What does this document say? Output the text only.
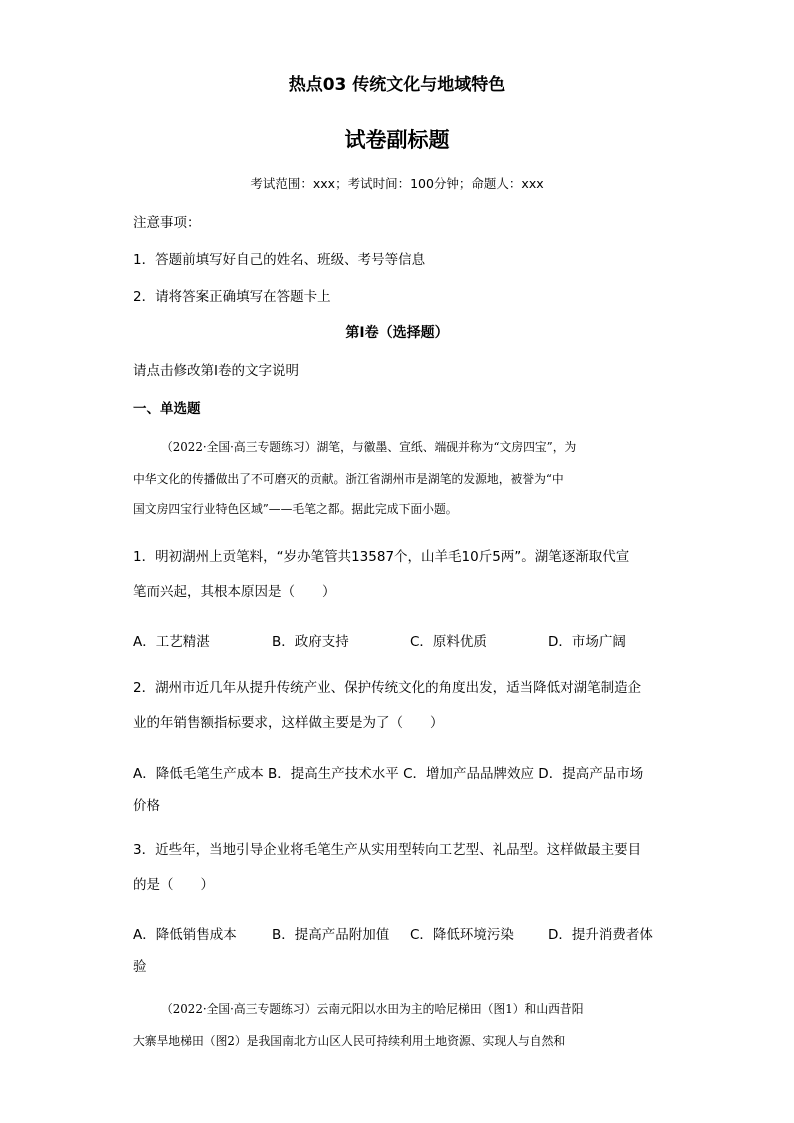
热点03 传统文化与地域特色
试卷副标题
考试范围：xxx；考试时间：100分钟；命题人：xxx
注意事项：
1．答题前填写好自己的姓名、班级、考号等信息
2．请将答案正确填写在答题卡上
第I卷（选择题）
请点击修改第I卷的文字说明
一、单选题
（2022·全国·高三专题练习）湖笔，与徽墨、宣纸、端砚并称为“文房四宝”，为
中华文化的传播做出了不可磨灭的贡献。浙江省湖州市是湖笔的发源地，被誉为“中
国文房四宝行业特色区域”——毛笔之都。据此完成下面小题。
1．明初湖州上贡笔料，“岁办笔管共13587个，山羊毛10斤5两”。湖笔逐渐取代宣
笔而兴起，其根本原因是（　　）
A．工艺精湛	B．政府支持	C．原料优质	D．市场广阔
2．湖州市近几年从提升传统产业、保护传统文化的角度出发，适当降低对湖笔制造企
业的年销售额指标要求，这样做主要是为了（　　）
A．降低毛笔生产成本 B．提高生产技术水平 C．增加产品品牌效应 D．提高产品市场
价格
3．近些年，当地引导企业将毛笔生产从实用型转向工艺型、礼品型。这样做最主要目
的是（　　）
A．降低销售成本	B．提高产品附加值 C．降低环境污染	D．提升消费者体
验
（2022·全国·高三专题练习）云南元阳以水田为主的哈尼梯田（图1）和山西昔阳
大寨旱地梯田（图2）是我国南北方山区人民可持续利用土地资源、实现人与自然和
